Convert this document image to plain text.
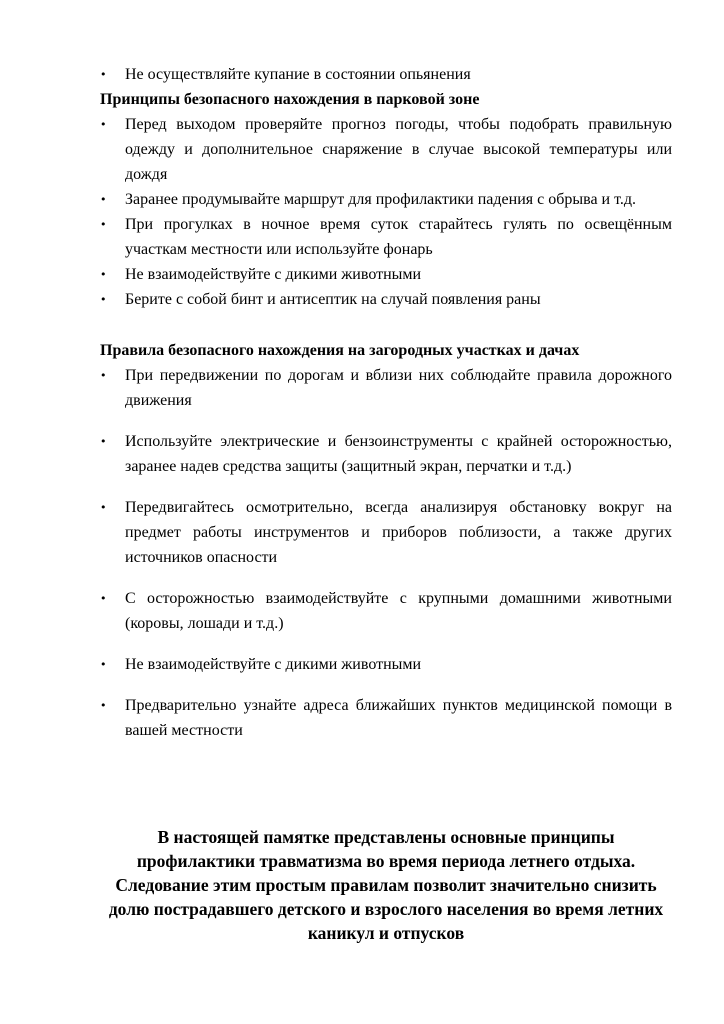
• Не осуществляйте купание в состоянии опьянения

Принципы безопасного нахождения в парковой зоне

• Перед выходом проверяйте прогноз погоды, чтобы подобрать правильную одежду и дополнительное снаряжение в случае высокой температуры или дождя
• Заранее продумывайте маршрут для профилактики падения с обрыва и т.д.
• При прогулках в ночное время суток старайтесь гулять по освещённым участкам местности или используйте фонарь
• Не взаимодействуйте с дикими животными
• Берите с собой бинт и антисептик на случай появления раны

Правила безопасного нахождения на загородных участках и дачах

• При передвижении по дорогам и вблизи них соблюдайте правила дорожного движения
• Используйте электрические и бензоинструменты с крайней осторожностью, заранее надев средства защиты (защитный экран, перчатки и т.д.)
• Передвигайтесь осмотрительно, всегда анализируя обстановку вокруг на предмет работы инструментов и приборов поблизости, а также других источников опасности
• С осторожностью взаимодействуйте с крупными домашними животными (коровы, лошади и т.д.)
• Не взаимодействуйте с дикими животными
• Предварительно узнайте адреса ближайших пунктов медицинской помощи в вашей местности

В настоящей памятке представлены основные принципы профилактики травматизма во время периода летнего отдыха. Следование этим простым правилам позволит значительно снизить долю пострадавшего детского и взрослого населения во время летних каникул и отпусков
